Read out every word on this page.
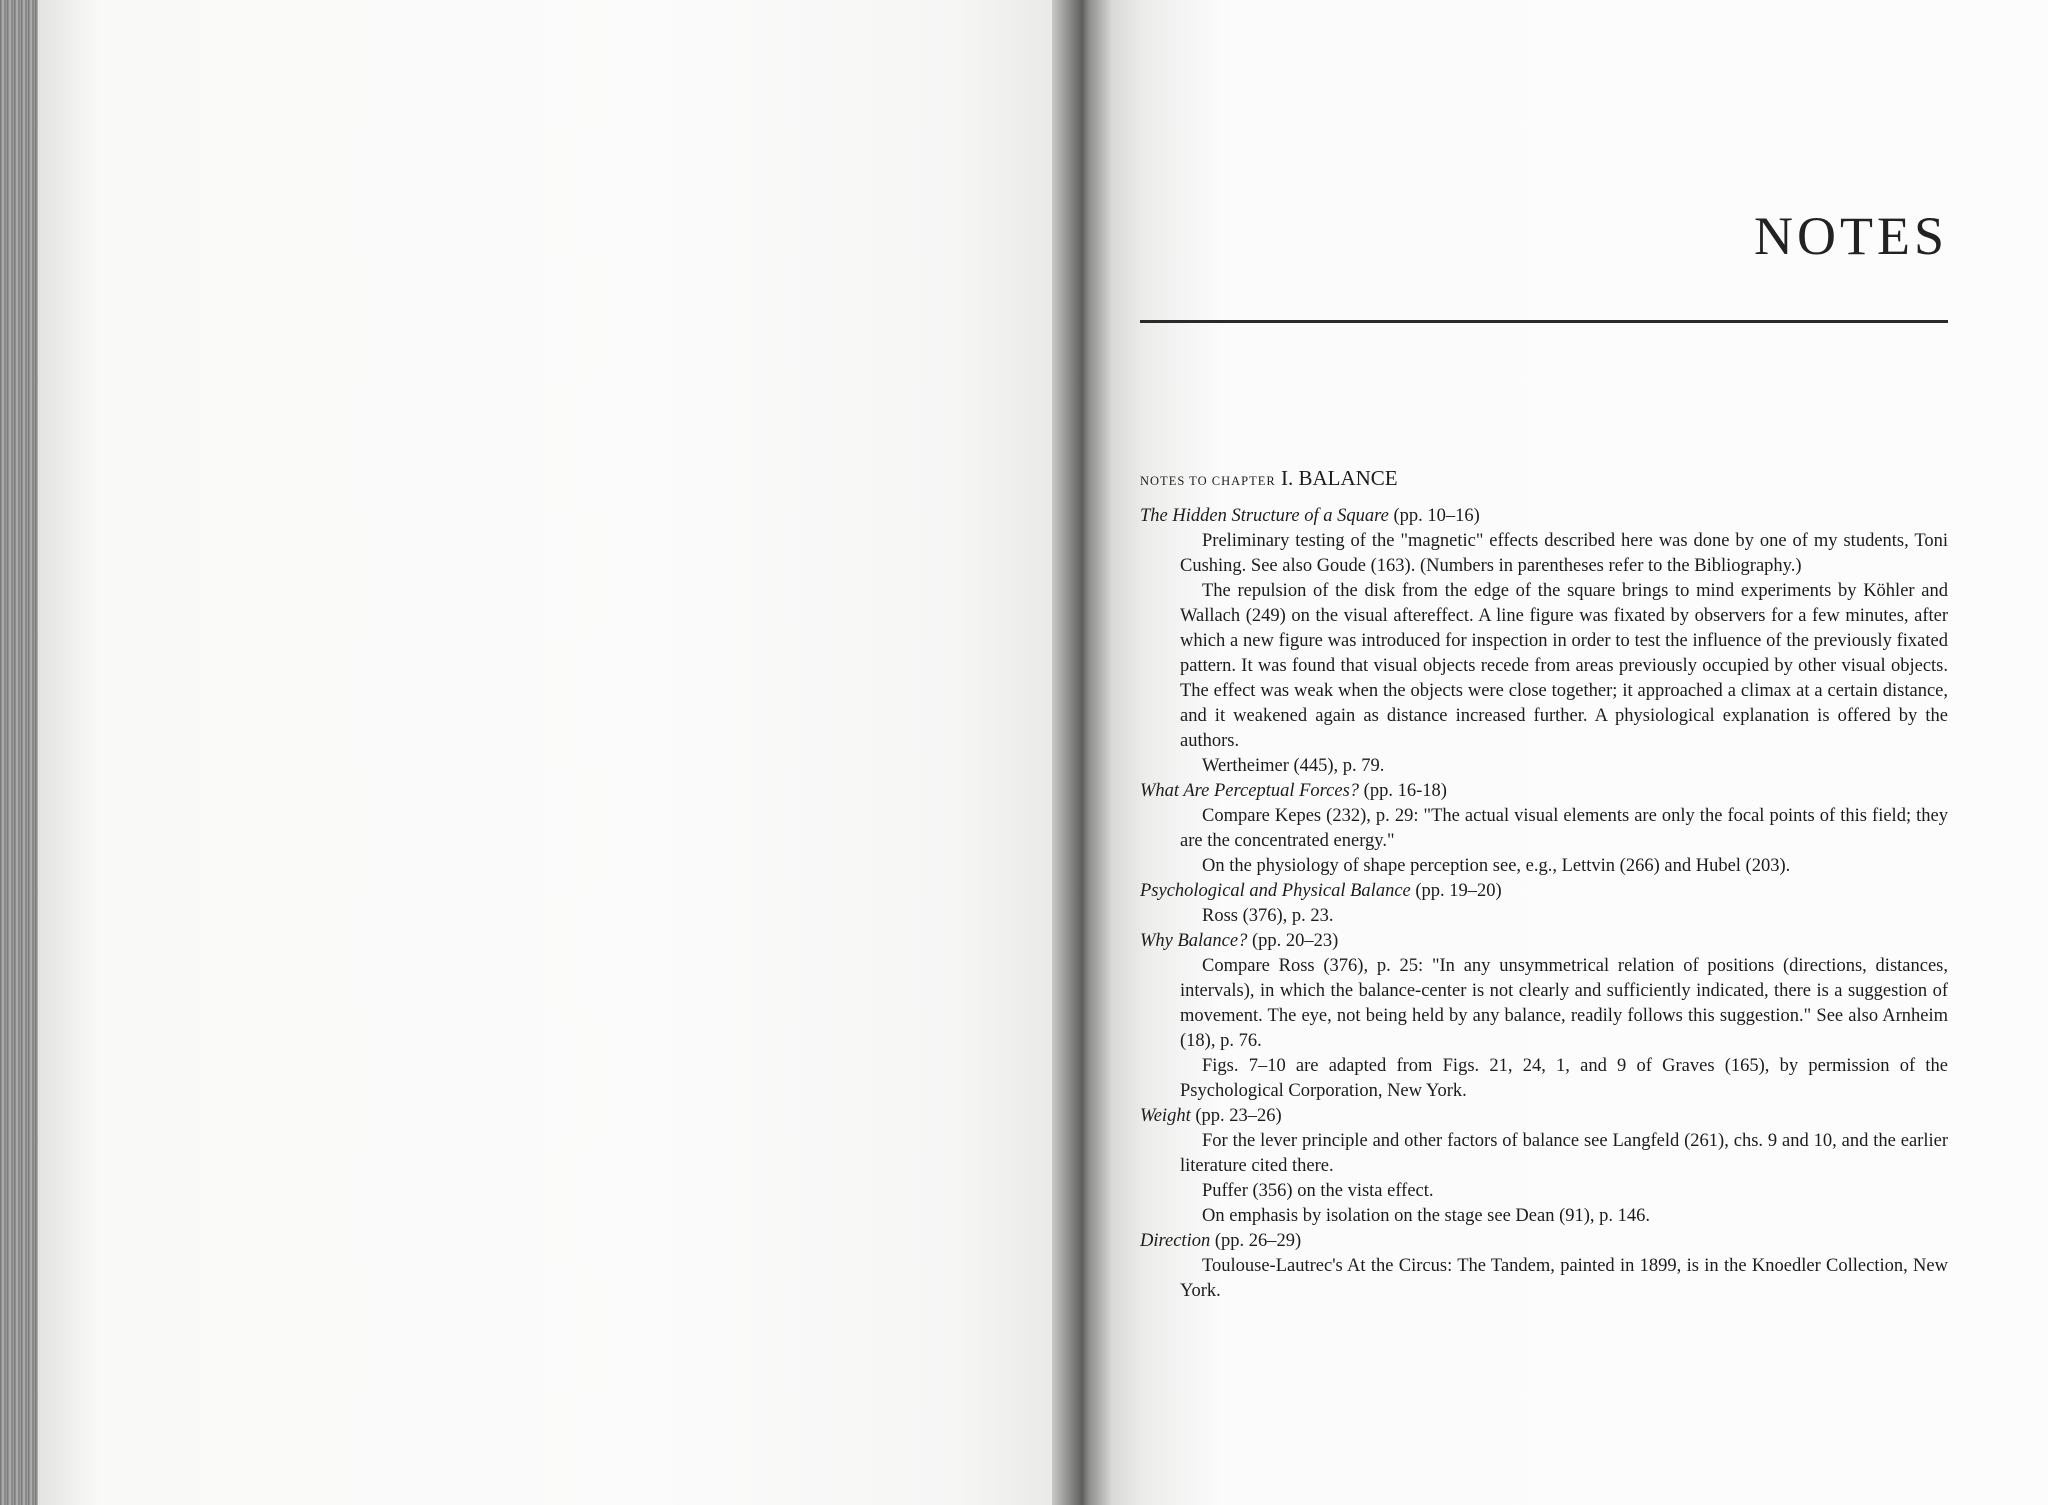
NOTES

NOTES TO CHAPTER I. BALANCE

The Hidden Structure of a Square (pp. 10–16)

Preliminary testing of the "magnetic" effects described here was done by one of my students, Toni Cushing. See also Goude (163). (Numbers in parentheses refer to the Bibliography.)

The repulsion of the disk from the edge of the square brings to mind experiments by Köhler and Wallach (249) on the visual aftereffect. A line figure was fixated by observers for a few minutes, after which a new figure was introduced for inspection in order to test the influence of the previously fixated pattern. It was found that visual objects recede from areas previously occupied by other visual objects. The effect was weak when the objects were close together; it approached a climax at a certain distance, and it weakened again as distance increased further. A physiological explanation is offered by the authors.

Wertheimer (445), p. 79.

What Are Perceptual Forces? (pp. 16-18)

Compare Kepes (232), p. 29: "The actual visual elements are only the focal points of this field; they are the concentrated energy."

On the physiology of shape perception see, e.g., Lettvin (266) and Hubel (203).

Psychological and Physical Balance (pp. 19–20)

Ross (376), p. 23.

Why Balance? (pp. 20–23)

Compare Ross (376), p. 25: "In any unsymmetrical relation of positions (directions, distances, intervals), in which the balance-center is not clearly and sufficiently indicated, there is a suggestion of movement. The eye, not being held by any balance, readily follows this suggestion." See also Arnheim (18), p. 76.

Figs. 7–10 are adapted from Figs. 21, 24, 1, and 9 of Graves (165), by permission of the Psychological Corporation, New York.

Weight (pp. 23–26)

For the lever principle and other factors of balance see Langfeld (261), chs. 9 and 10, and the earlier literature cited there.

Puffer (356) on the vista effect.

On emphasis by isolation on the stage see Dean (91), p. 146.

Direction (pp. 26–29)

Toulouse-Lautrec's At the Circus: The Tandem, painted in 1899, is in the Knoedler Collection, New York.
